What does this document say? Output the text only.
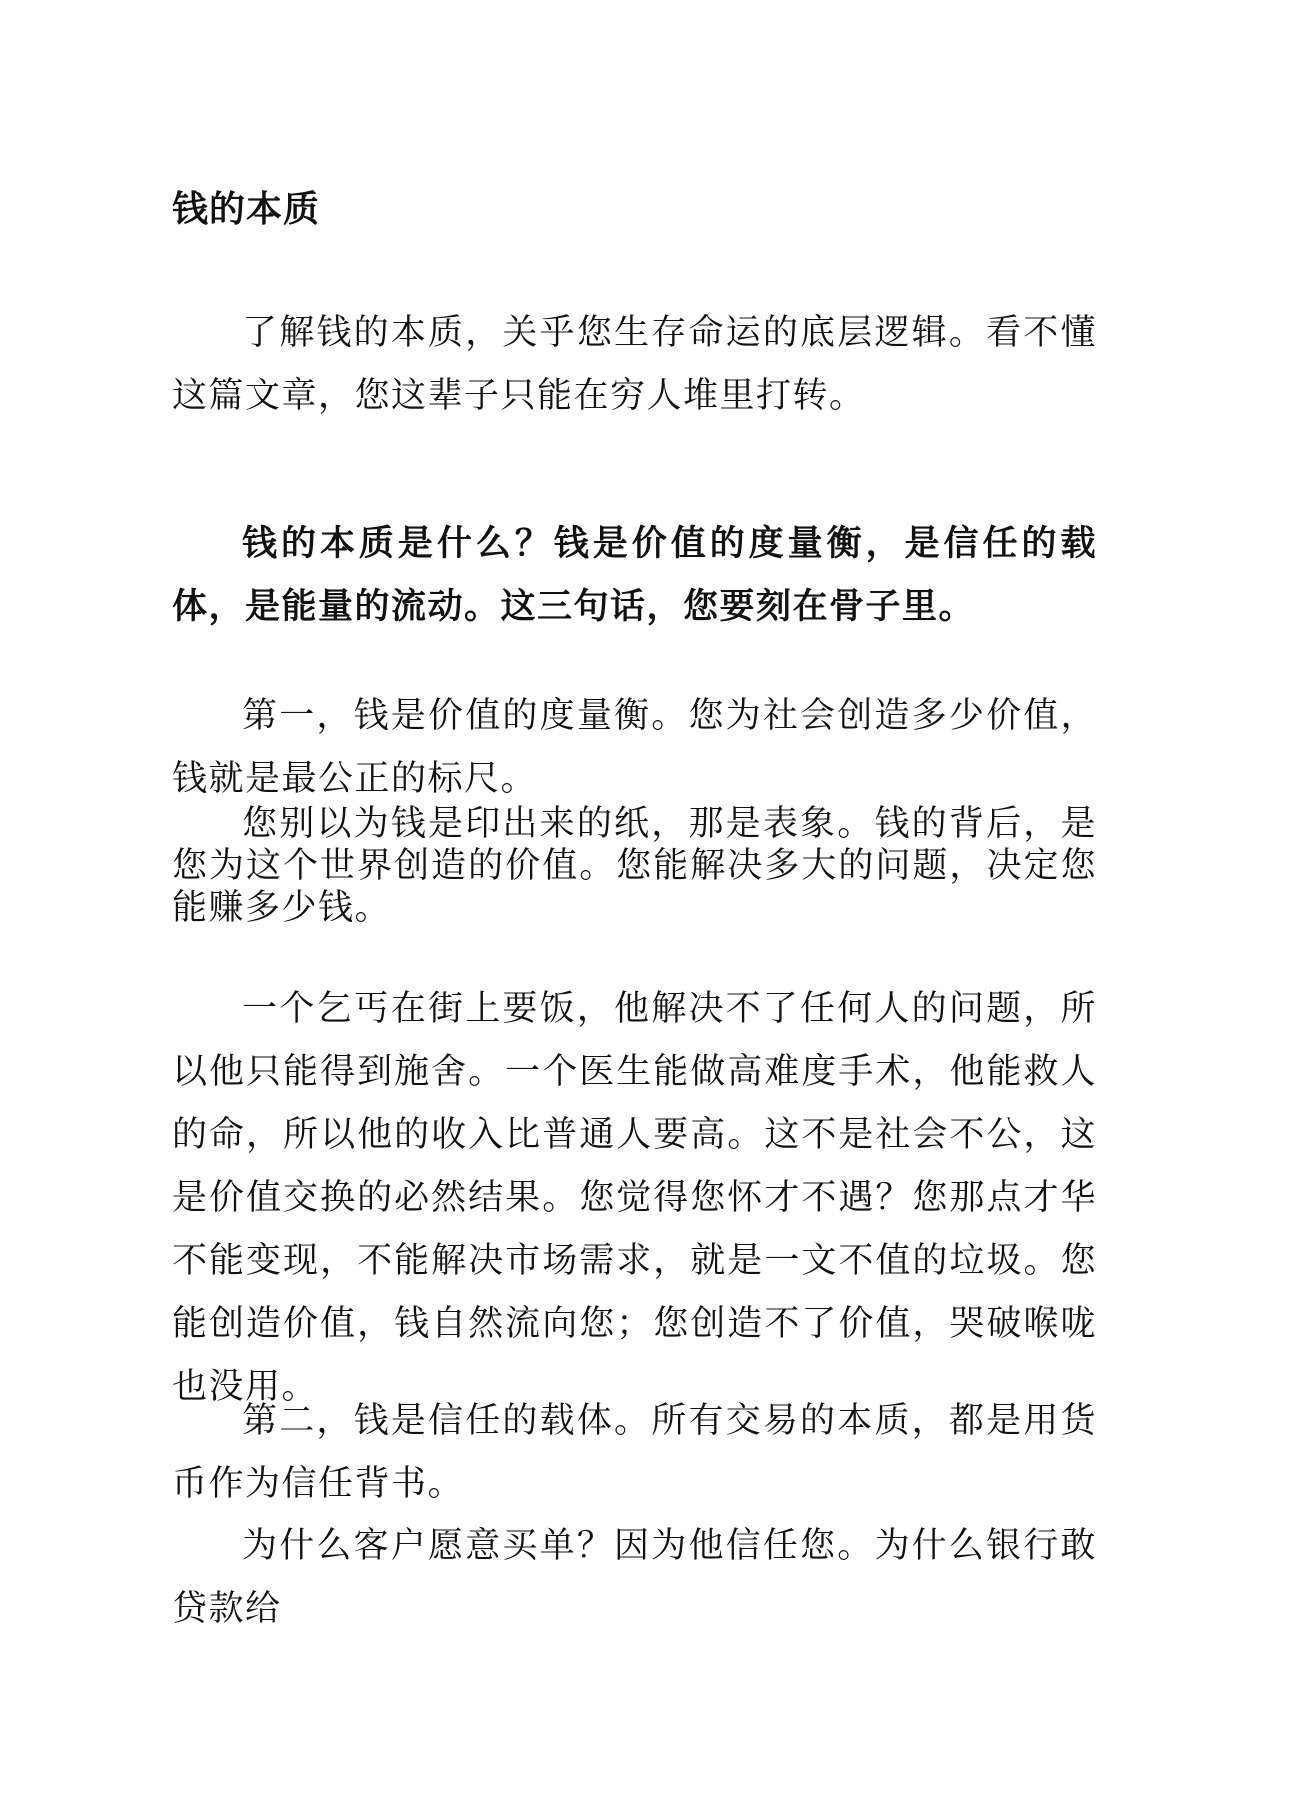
钱的本质

了解钱的本质，关乎您生存命运的底层逻辑。看不懂这篇文章，您这辈子只能在穷人堆里打转。

钱的本质是什么？钱是价值的度量衡，是信任的载体，是能量的流动。这三句话，您要刻在骨子里。

第一，钱是价值的度量衡。您为社会创造多少价值，钱就是最公正的标尺。

您别以为钱是印出来的纸，那是表象。钱的背后，是您为这个世界创造的价值。您能解决多大的问题，决定您能赚多少钱。

一个乞丐在街上要饭，他解决不了任何人的问题，所以他只能得到施舍。一个医生能做高难度手术，他能救人的命，所以他的收入比普通人要高。这不是社会不公，这是价值交换的必然结果。您觉得您怀才不遇？您那点才华不能变现，不能解决市场需求，就是一文不值的垃圾。您能创造价值，钱自然流向您；您创造不了价值，哭破喉咙也没用。

第二，钱是信任的载体。所有交易的本质，都是用货币作为信任背书。

为什么客户愿意买单？因为他信任您。为什么银行敢贷款给
